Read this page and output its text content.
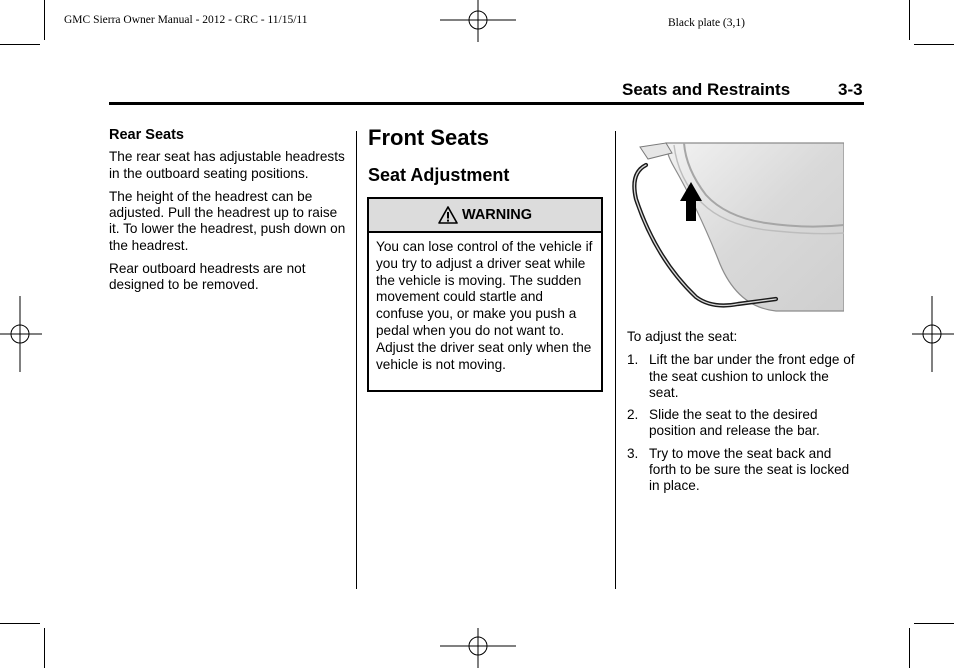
GMC Sierra Owner Manual - 2012 - CRC - 11/15/11	Black plate (3,1)
Seats and Restraints	3-3
Rear Seats

The rear seat has adjustable headrests in the outboard seating positions.

The height of the headrest can be adjusted. Pull the headrest up to raise it. To lower the headrest, push down on the headrest.

Rear outboard headrests are not designed to be removed.

Front Seats
Seat Adjustment
WARNING
You can lose control of the vehicle if you try to adjust a driver seat while the vehicle is moving. The sudden movement could startle and confuse you, or make you push a pedal when you do not want to. Adjust the driver seat only when the vehicle is not moving.

To adjust the seat:

1. Lift the bar under the front edge of the seat cushion to unlock the seat.
2. Slide the seat to the desired position and release the bar.
3. Try to move the seat back and forth to be sure the seat is locked in place.
